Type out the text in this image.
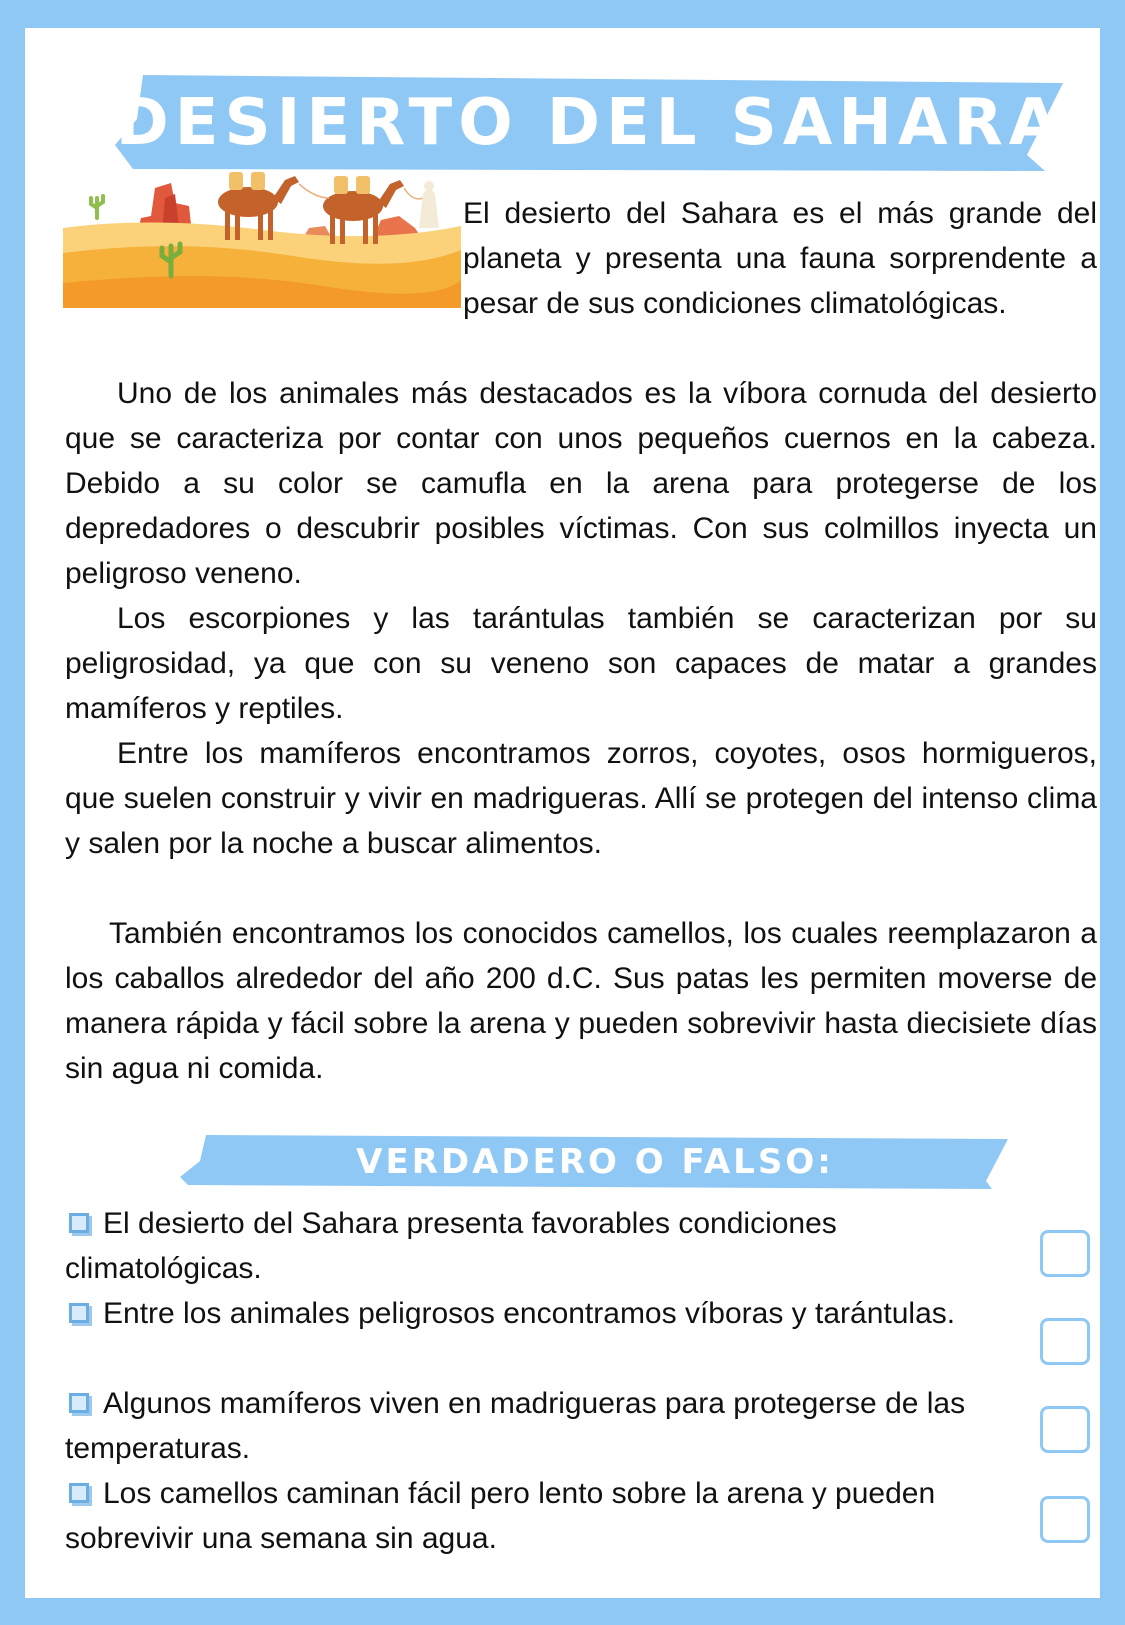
DESIERTO DEL SAHARA

El desierto del Sahara es el más grande del planeta y presenta una fauna sorprendente a pesar de sus condiciones climatológicas.

Uno de los animales más destacados es la víbora cornuda del desierto que se caracteriza por contar con unos pequeños cuernos en la cabeza. Debido a su color se camufla en la arena para protegerse de los depredadores o descubrir posibles víctimas. Con sus colmillos inyecta un peligroso veneno.

Los escorpiones y las tarántulas también se caracterizan por su peligrosidad, ya que con su veneno son capaces de matar a grandes mamíferos y reptiles.

Entre los mamíferos encontramos zorros, coyotes, osos hormigueros, que suelen construir y vivir en madrigueras. Allí se protegen del intenso clima y salen por la noche a buscar alimentos.

También encontramos los conocidos camellos, los cuales reemplazaron a los caballos alrededor del año 200 d.C. Sus patas les permiten moverse de manera rápida y fácil sobre la arena y pueden sobrevivir hasta diecisiete días sin agua ni comida.

VERDADERO O FALSO:

El desierto del Sahara presenta favorables condiciones climatológicas.

Entre los animales peligrosos encontramos víboras y tarántulas.

Algunos mamíferos viven en madrigueras para protegerse de las temperaturas.

Los camellos caminan fácil pero lento sobre la arena y pueden sobrevivir una semana sin agua.
